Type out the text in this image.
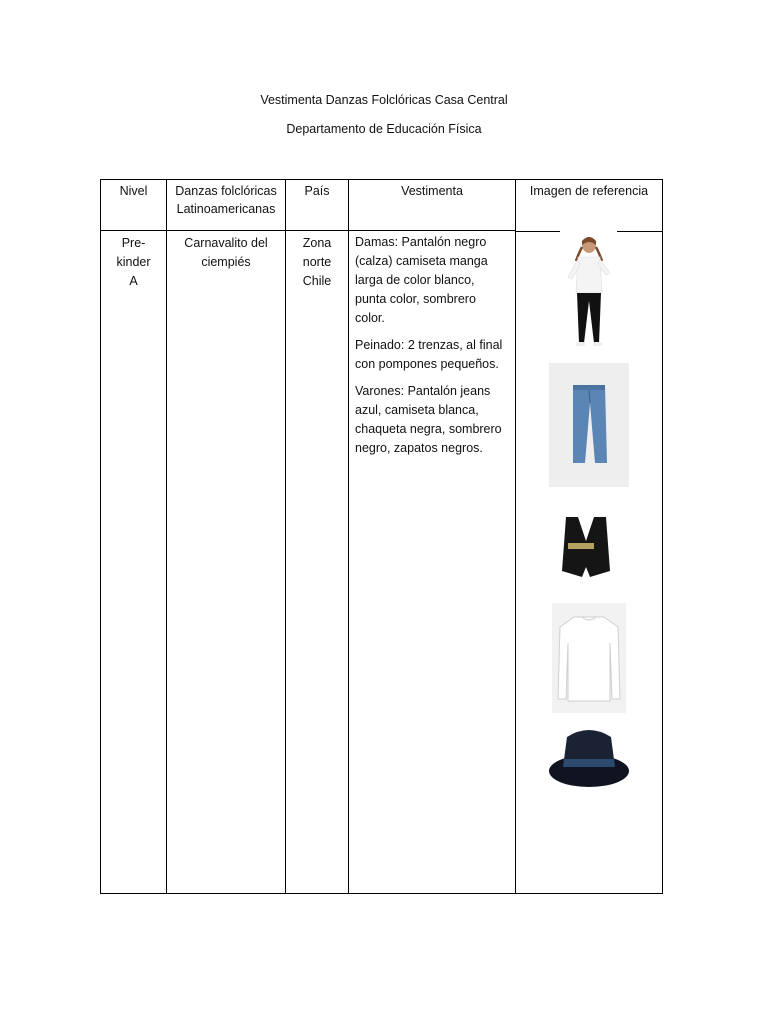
Vestimenta Danzas Folclóricas Casa Central
Departamento de Educación Física
Nivel	Danzas folclóricas Latinoamericanas	País	Vestimenta	Imagen de referencia
Pre-kinder A	Carnavalito del ciempiés	Zona norte Chile	Damas: Pantalón negro (calza) camiseta manga larga de color blanco, punta color, sombrero color.

Peinado: 2 trenzas, al final con pompones pequeños.

Varones: Pantalón jeans azul, camiseta blanca, chaqueta negra, sombrero negro, zapatos negros.
